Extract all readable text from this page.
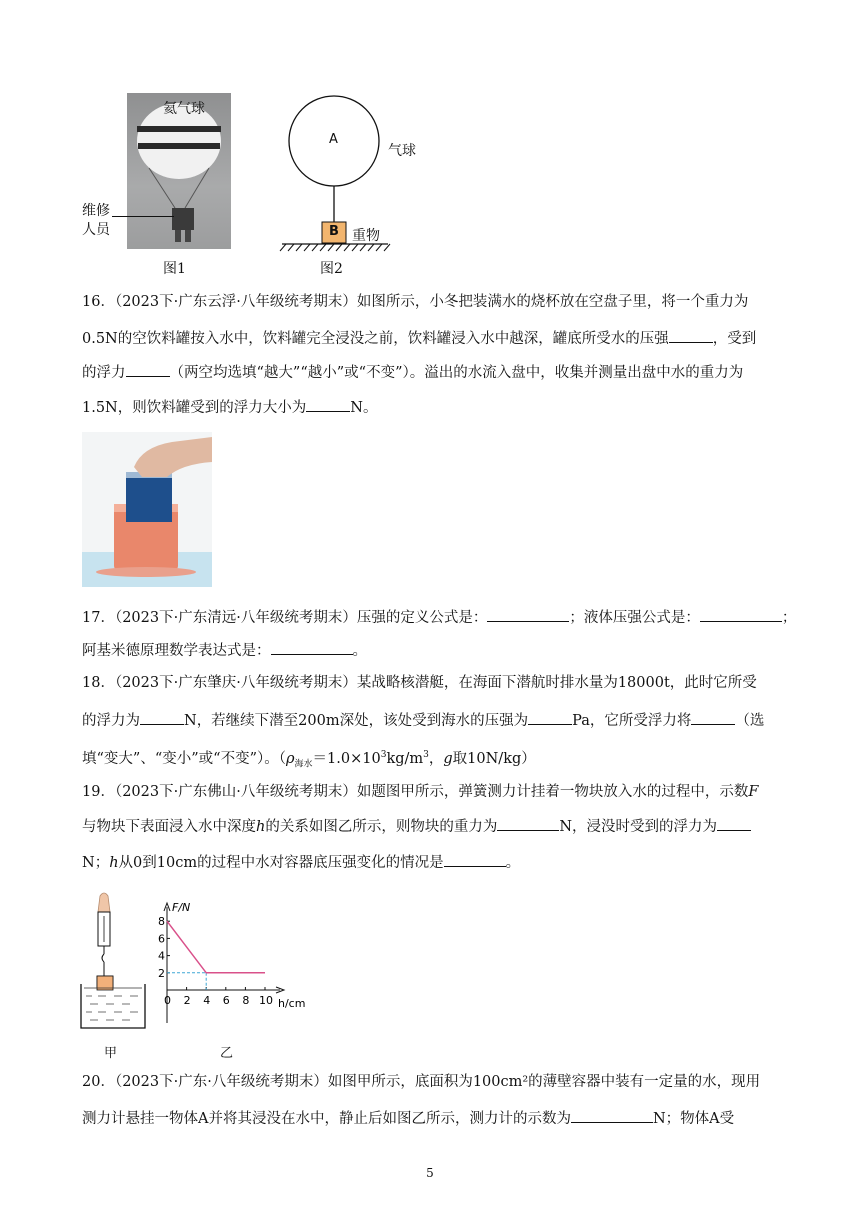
氦气球
维修
人员
图1
A
气球
B 重物
图2
16．（2023下·广东云浮·八年级统考期末）如图所示，小冬把装满水的烧杯放在空盘子里，将一个重力为
0.5N的空饮料罐按入水中，饮料罐完全浸没之前，饮料罐浸入水中越深，罐底所受水的压强	，受到
的浮力	（两空均选填“越大”“越小”或“不变”）。溢出的水流入盘中，收集并测量出盘中水的重力为
1.5N，则饮料罐受到的浮力大小为	N。
17．（2023下·广东清远·八年级统考期末）压强的定义公式是：	；液体压强公式是：	；
阿基米德原理数学表达式是：	。
18．（2023下·广东肇庆·八年级统考期末）某战略核潜艇，在海面下潜航时排水量为18000t，此时它所受
的浮力为	N，若继续下潜至200m深处，该处受到海水的压强为	Pa，它所受浮力将	（选
填“变大”、“变小”或“不变”）。（$\rho_{海水}=1.0\times 10^3kg/m^3$，g取10N/kg）
19．（2023下·广东佛山·八年级统考期末）如题图甲所示，弹簧测力计挂着一物块放入水的过程中，示数F
与物块下表面浸入水中深度h的关系如图乙所示，则物块的重力为	N，浸没时受到的浮力为
N；h从0到10cm的过程中水对容器底压强变化的情况是	。
甲
F/N
h/cm
2
4
6
8
0 2 4 6 8 10
乙
20．（2023下·广东·八年级统考期末）如图甲所示，底面积为100cm²的薄壁容器中装有一定量的水，现用
测力计悬挂一物体A并将其浸没在水中，静止后如图乙所示，测力计的示数为	N；物体A受
5
